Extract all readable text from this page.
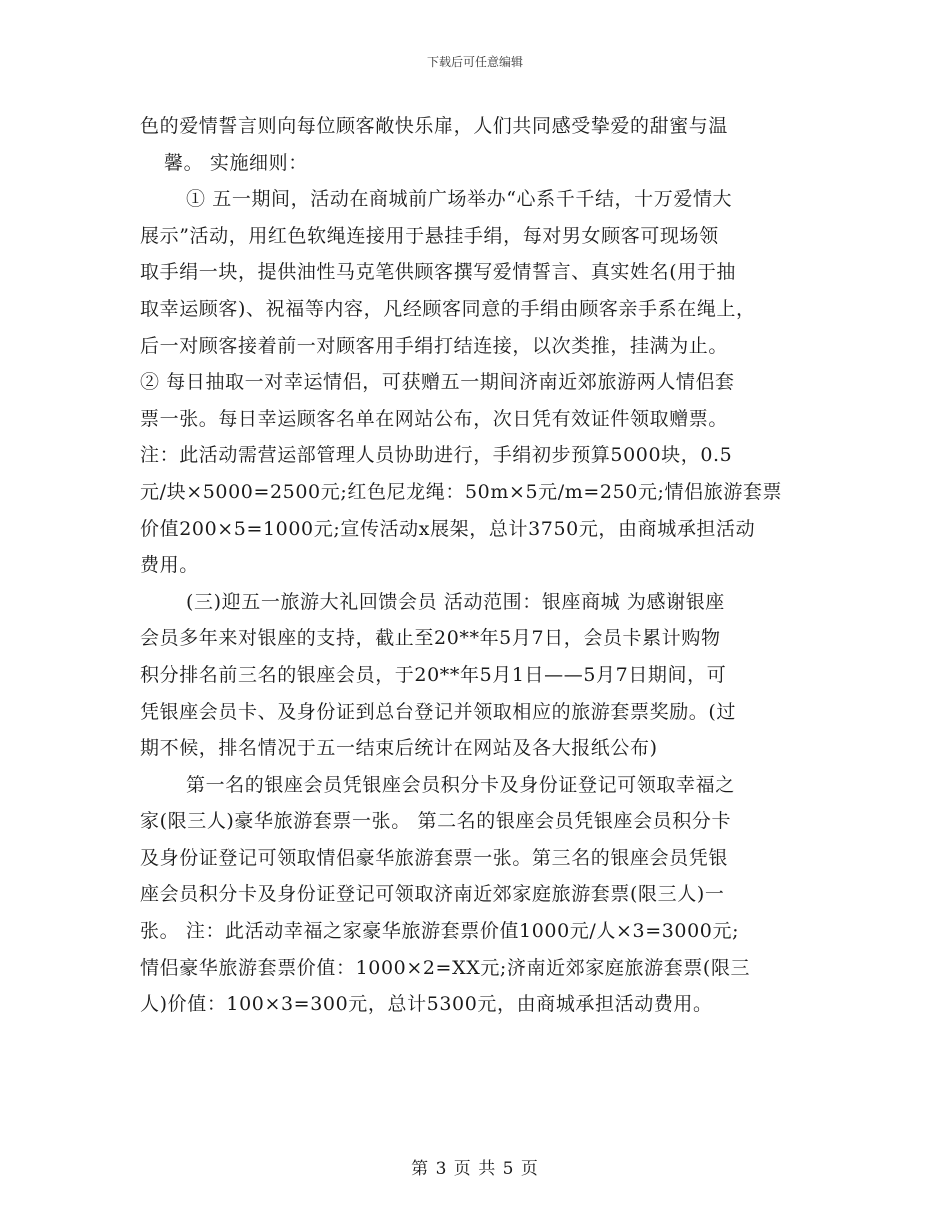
下载后可任意编辑
色的爱情誓言则向每位顾客敞快乐扉，人们共同感受挚爱的甜蜜与温
馨。 实施细则：
① 五一期间，活动在商城前广场举办“心系千千结，十万爱情大
展示”活动，用红色软绳连接用于悬挂手绢，每对男女顾客可现场领
取手绢一块，提供油性马克笔供顾客撰写爱情誓言、真实姓名(用于抽
取幸运顾客)、祝福等内容，凡经顾客同意的手绢由顾客亲手系在绳上，
后一对顾客接着前一对顾客用手绢打结连接，以次类推，挂满为止。
② 每日抽取一对幸运情侣，可获赠五一期间济南近郊旅游两人情侣套
票一张。每日幸运顾客名单在网站公布，次日凭有效证件领取赠票。
注：此活动需营运部管理人员协助进行，手绢初步预算5000块，0.5
元/块×5000=2500元;红色尼龙绳：50m×5元/m=250元;情侣旅游套票
价值200×5=1000元;宣传活动x展架，总计3750元，由商城承担活动
费用。
(三)迎五一旅游大礼回馈会员 活动范围：银座商城 为感谢银座
会员多年来对银座的支持，截止至20**年5月7日，会员卡累计购物
积分排名前三名的银座会员，于20**年5月1日——5月7日期间，可
凭银座会员卡、及身份证到总台登记并领取相应的旅游套票奖励。(过
期不候，排名情况于五一结束后统计在网站及各大报纸公布)
第一名的银座会员凭银座会员积分卡及身份证登记可领取幸福之
家(限三人)豪华旅游套票一张。 第二名的银座会员凭银座会员积分卡
及身份证登记可领取情侣豪华旅游套票一张。第三名的银座会员凭银
座会员积分卡及身份证登记可领取济南近郊家庭旅游套票(限三人)一
张。 注：此活动幸福之家豪华旅游套票价值1000元/人×3=3000元;
情侣豪华旅游套票价值：1000×2=XX元;济南近郊家庭旅游套票(限三
人)价值：100×3=300元，总计5300元，由商城承担活动费用。
第 3 页 共 5 页
